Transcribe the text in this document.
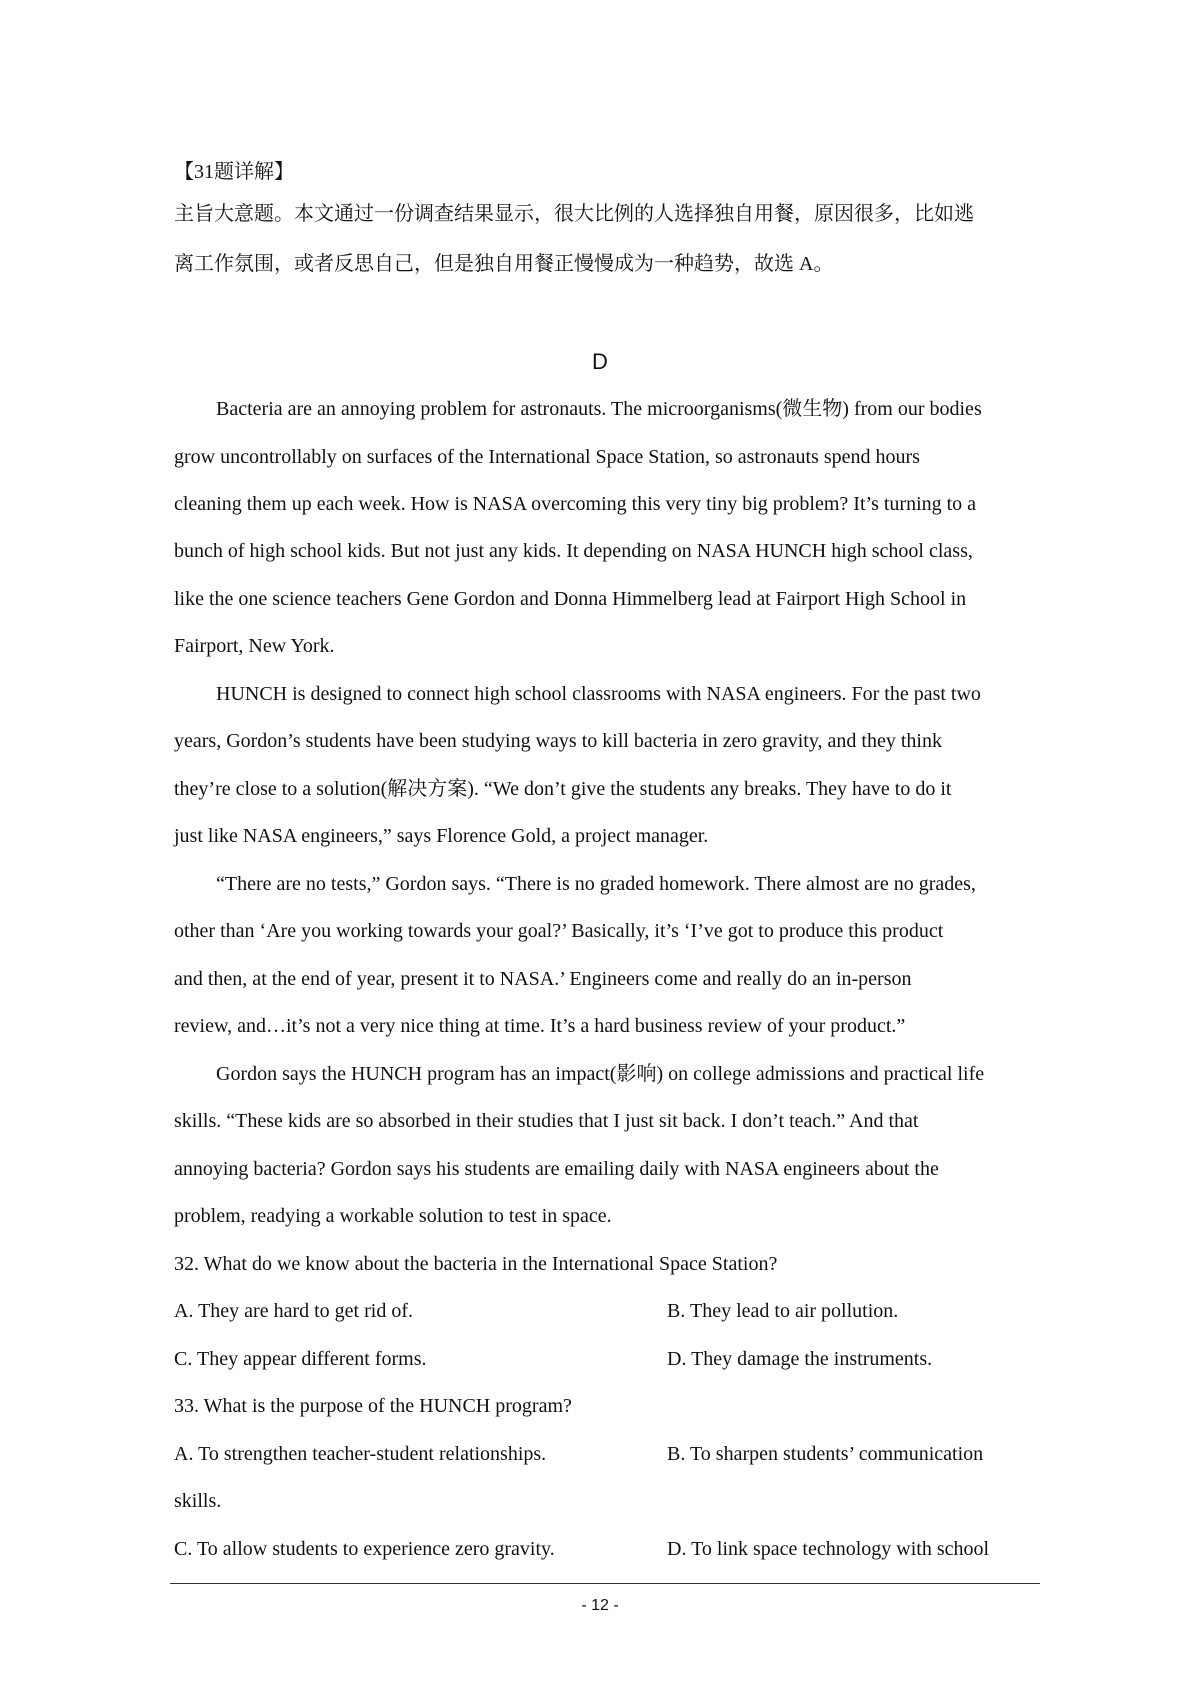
【31题详解】
主旨大意题。本文通过一份调查结果显示，很大比例的人选择独自用餐，原因很多，比如逃
离工作氛围，或者反思自己，但是独自用餐正慢慢成为一种趋势，故选 A。
D
Bacteria are an annoying problem for astronauts. The microorganisms(微生物) from our bodies
grow uncontrollably on surfaces of the International Space Station, so astronauts spend hours
cleaning them up each week. How is NASA overcoming this very tiny big problem? It’s turning to a
bunch of high school kids. But not just any kids. It depending on NASA HUNCH high school class,
like the one science teachers Gene Gordon and Donna Himmelberg lead at Fairport High School in
Fairport, New York.
HUNCH is designed to connect high school classrooms with NASA engineers. For the past two
years, Gordon’s students have been studying ways to kill bacteria in zero gravity, and they think
they’re close to a solution(解决方案). “We don’t give the students any breaks. They have to do it
just like NASA engineers,” says Florence Gold, a project manager.
“There are no tests,” Gordon says. “There is no graded homework. There almost are no grades,
other than ‘Are you working towards your goal?’ Basically, it’s ‘I’ve got to produce this product
and then, at the end of year, present it to NASA.’ Engineers come and really do an in-person
review, and…it’s not a very nice thing at time. It’s a hard business review of your product.”
Gordon says the HUNCH program has an impact(影响) on college admissions and practical life
skills. “These kids are so absorbed in their studies that I just sit back. I don’t teach.” And that
annoying bacteria? Gordon says his students are emailing daily with NASA engineers about the
problem, readying a workable solution to test in space.
32. What do we know about the bacteria in the International Space Station?
A. They are hard to get rid of.	B. They lead to air pollution.
C. They appear different forms.	D. They damage the instruments.
33. What is the purpose of the HUNCH program?
A. To strengthen teacher-student relationships.	B. To sharpen students’ communication
skills.
C. To allow students to experience zero gravity.	D. To link space technology with school
- 12 -
